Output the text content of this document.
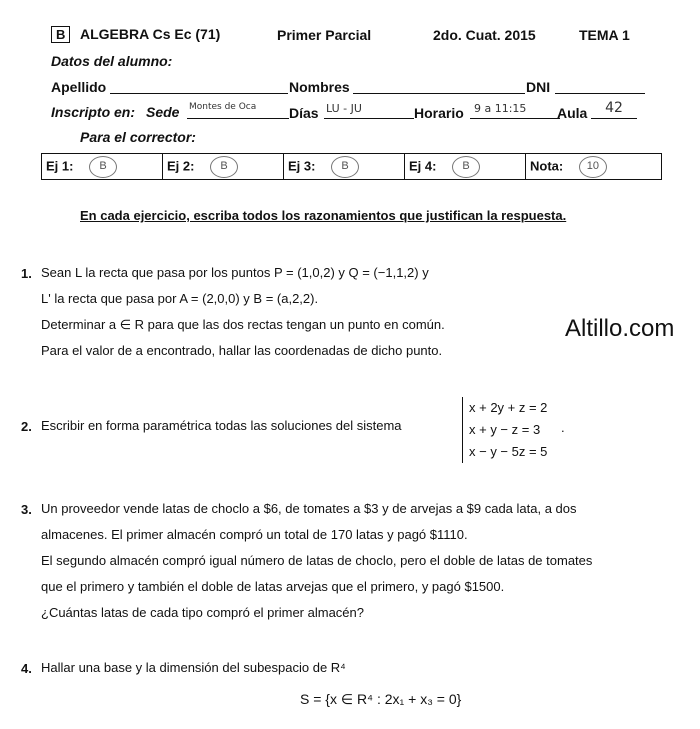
B	ALGEBRA Cs Ec (71)	Primer Parcial	2do. Cuat. 2015	TEMA 1
Datos del alumno:
Apellido	Nombres	DNI
Inscripto en: Sede Montes de Oca	Días LU - JU	Horario 9 a 11:15	Aula	42
Para el corrector:
Ej 1: B	Ej 2: B	Ej 3: B	Ej 4: B	Nota: 10
En cada ejercicio, escriba todos los razonamientos que justifican la respuesta.
1. Sean L la recta que pasa por los puntos P = (1,0,2) y Q = (−1,1,2) y
L' la recta que pasa por A = (2,0,0) y B = (a,2,2).
Determinar a ∈ R para que las dos rectas tengan un punto en común.
Para el valor de a encontrado, hallar las coordenadas de dicho punto.
Altillo.com
2. Escribir en forma paramétrica todas las soluciones del sistema
x + 2y + z = 2
x + y − z = 3
x − y − 5z = 5
.
3. Un proveedor vende latas de choclo a $6, de tomates a $3 y de arvejas a $9 cada lata, a dos
almacenes. El primer almacén compró un total de 170 latas y pagó $1110.
El segundo almacén compró igual número de latas de choclo, pero el doble de latas de tomates
que el primero y también el doble de latas arvejas que el primero, y pagó $1500.
¿Cuántas latas de cada tipo compró el primer almacén?
4. Hallar una base y la dimensión del subespacio de R⁴
S = {x ∈ R⁴ : 2x₁ + x₃ = 0}
